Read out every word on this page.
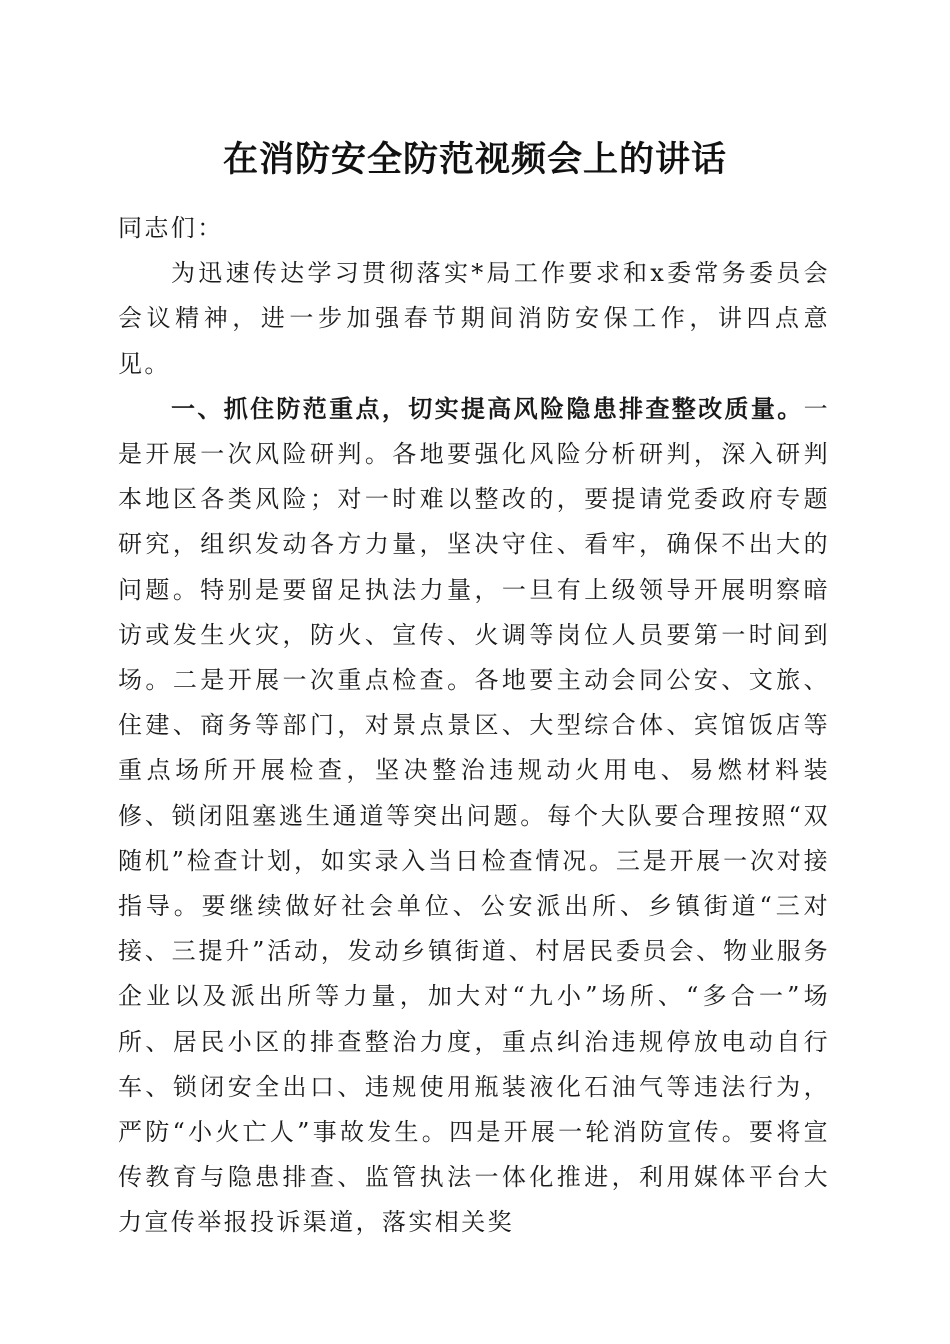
在消防安全防范视频会上的讲话

同志们：

为迅速传达学习贯彻落实*局工作要求和x委常务委员会会议精神，进一步加强春节期间消防安保工作，讲四点意见。

一、抓住防范重点，切实提高风险隐患排查整改质量。一是开展一次风险研判。各地要强化风险分析研判，深入研判本地区各类风险；对一时难以整改的，要提请党委政府专题研究，组织发动各方力量，坚决守住、看牢，确保不出大的问题。特别是要留足执法力量，一旦有上级领导开展明察暗访或发生火灾，防火、宣传、火调等岗位人员要第一时间到场。二是开展一次重点检查。各地要主动会同公安、文旅、住建、商务等部门，对景点景区、大型综合体、宾馆饭店等重点场所开展检查，坚决整治违规动火用电、易燃材料装修、锁闭阻塞逃生通道等突出问题。每个大队要合理按照“双随机”检查计划，如实录入当日检查情况。三是开展一次对接指导。要继续做好社会单位、公安派出所、乡镇街道“三对接、三提升”活动，发动乡镇街道、村居民委员会、物业服务企业以及派出所等力量，加大对“九小”场所、“多合一”场所、居民小区的排查整治力度，重点纠治违规停放电动自行车、锁闭安全出口、违规使用瓶装液化石油气等违法行为，严防“小火亡人”事故发生。四是开展一轮消防宣传。要将宣传教育与隐患排查、监管执法一体化推进，利用媒体平台大力宣传举报投诉渠道，落实相关奖
